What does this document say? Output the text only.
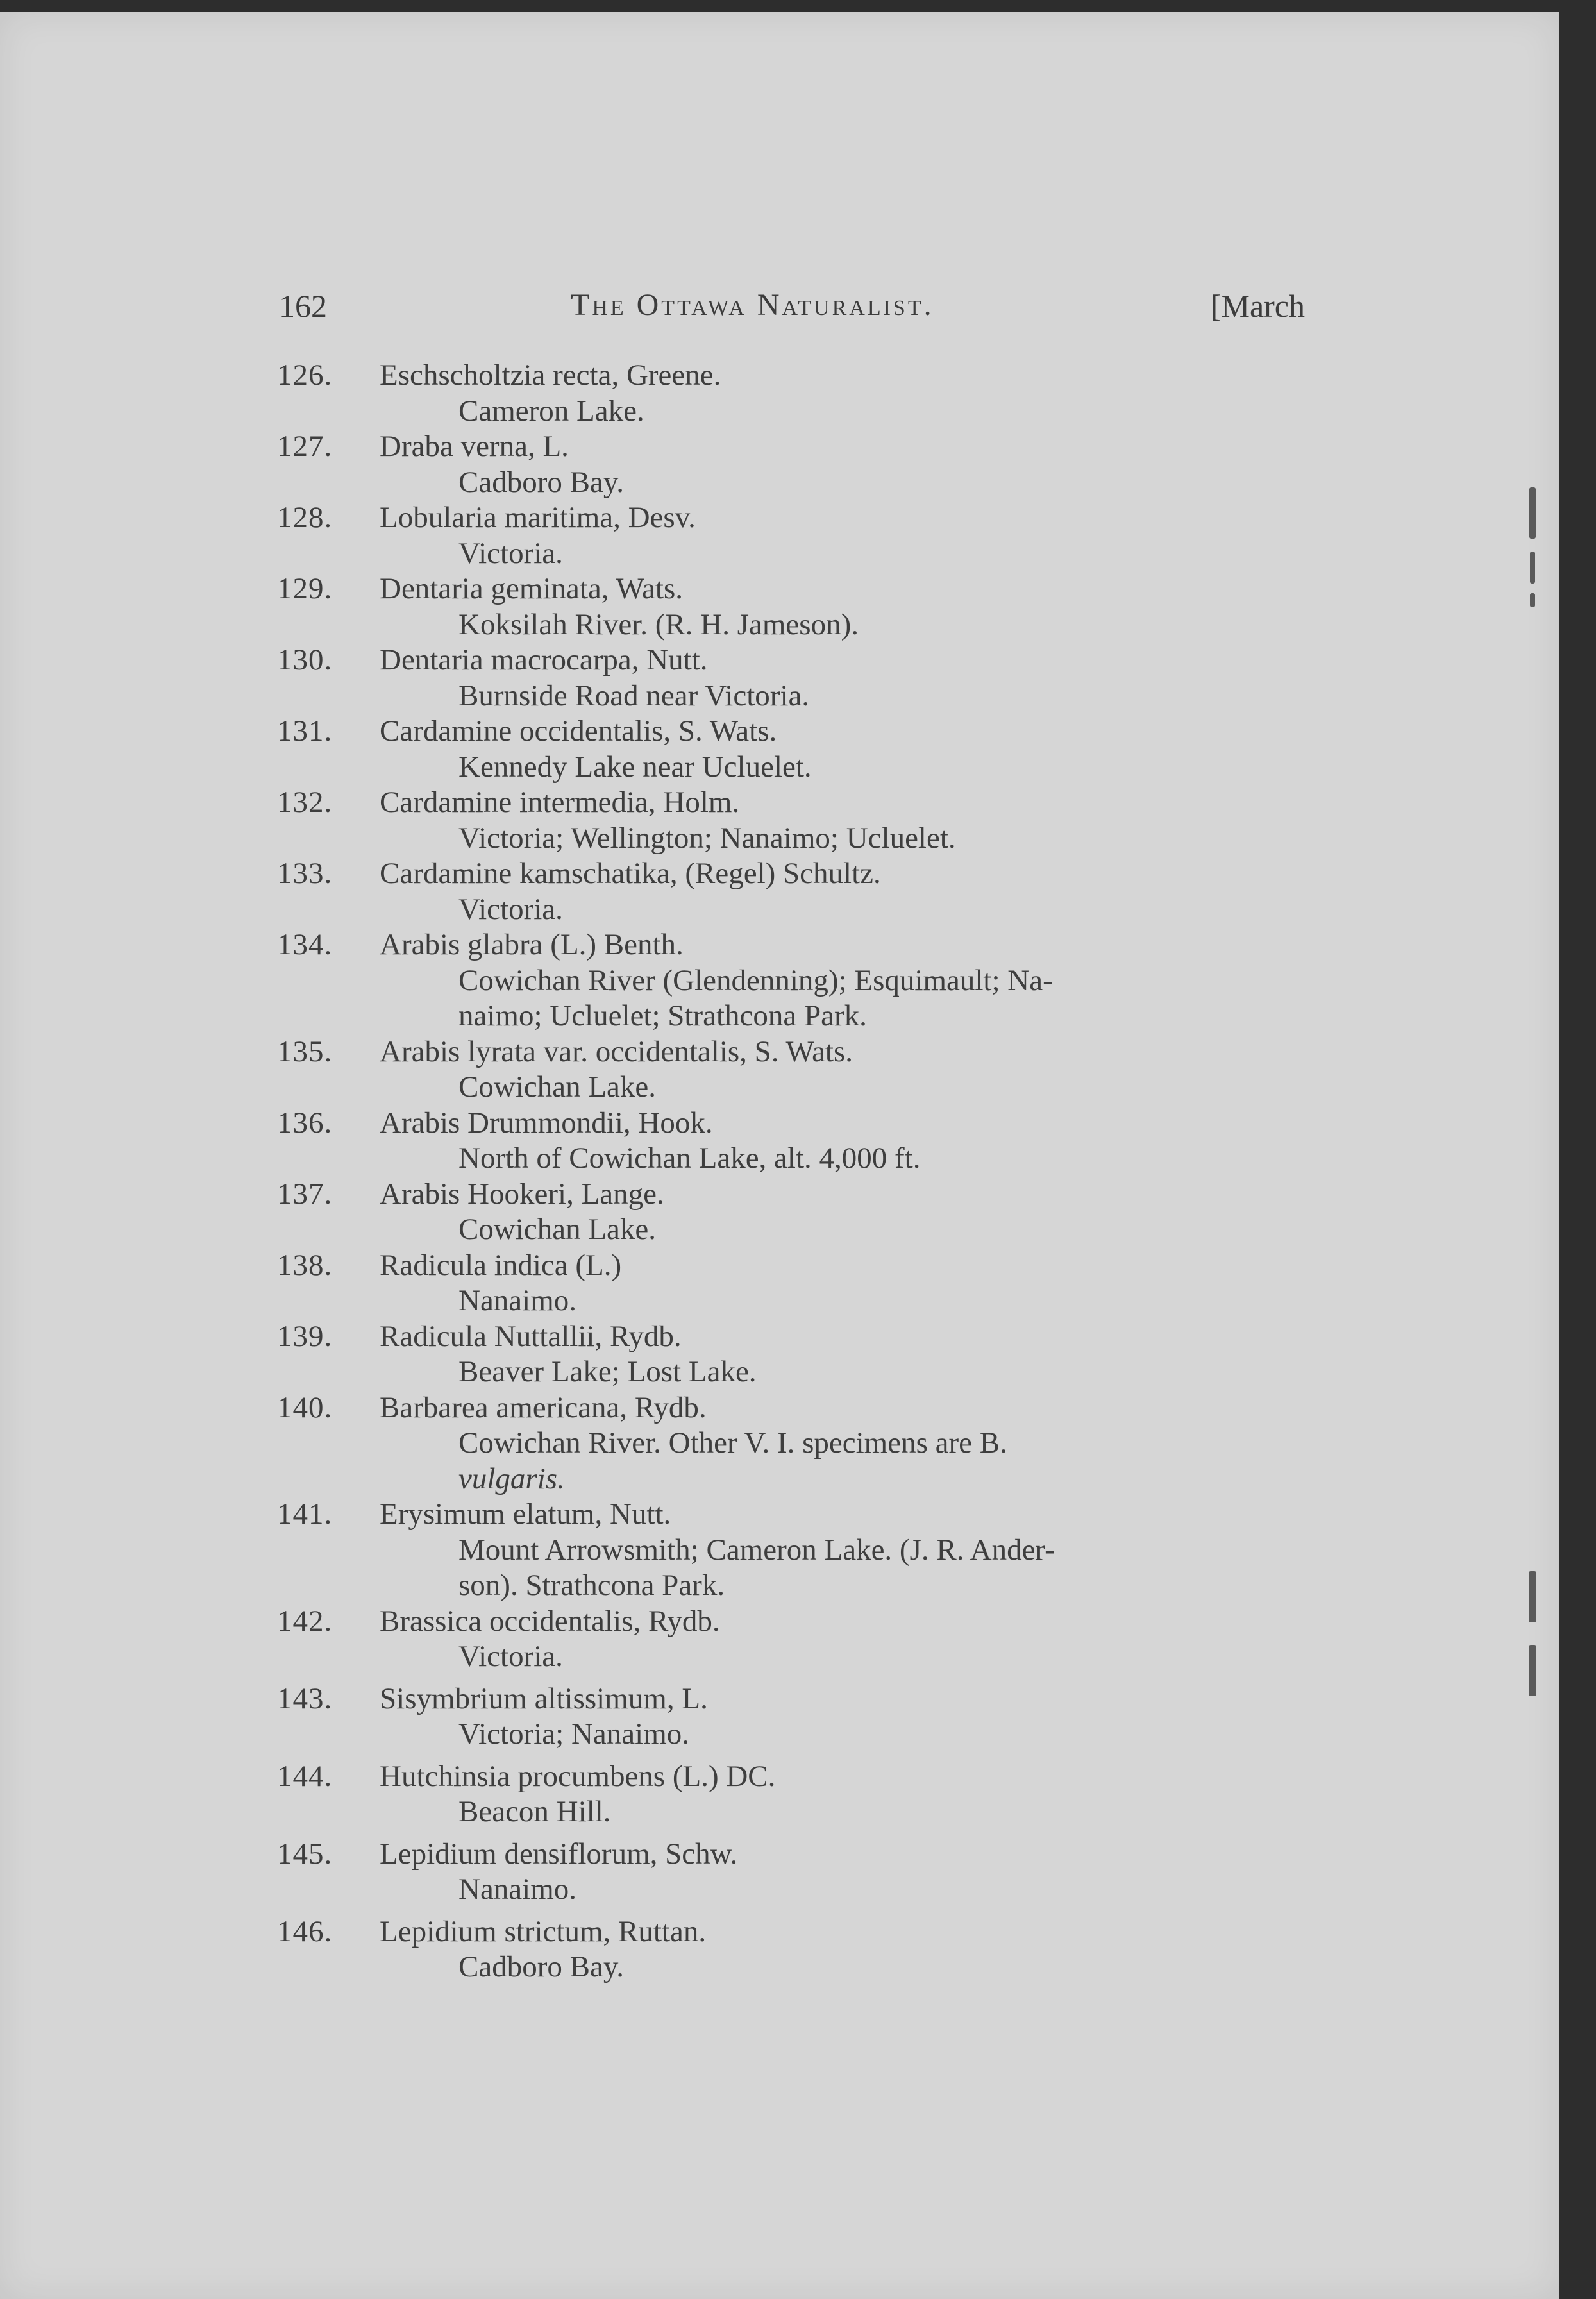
162	The Ottawa Naturalist.	[March
126.	Eschscholtzia recta, Greene.
Cameron Lake.
127.	Draba verna, L.
Cadboro Bay.
128.	Lobularia maritima, Desv.
Victoria.
129.	Dentaria geminata, Wats.
Koksilah River. (R. H. Jameson).
130.	Dentaria macrocarpa, Nutt.
Burnside Road near Victoria.
131.	Cardamine occidentalis, S. Wats.
Kennedy Lake near Ucluelet.
132.	Cardamine intermedia, Holm.
Victoria; Wellington; Nanaimo; Ucluelet.
133.	Cardamine kamschatika, (Regel) Schultz.
Victoria.
134.	Arabis glabra (L.) Benth.
Cowichan River (Glendenning); Esquimault; Na-
naimo; Ucluelet; Strathcona Park.
135.	Arabis lyrata var. occidentalis, S. Wats.
Cowichan Lake.
136.	Arabis Drummondii, Hook.
North of Cowichan Lake, alt. 4,000 ft.
137.	Arabis Hookeri, Lange.
Cowichan Lake.
138.	Radicula indica (L.)
Nanaimo.
139.	Radicula Nuttallii, Rydb.
Beaver Lake; Lost Lake.
140.	Barbarea americana, Rydb.
Cowichan River. Other V. I. specimens are B.
vulgaris.
141.	Erysimum elatum, Nutt.
Mount Arrowsmith; Cameron Lake. (J. R. Ander-
son). Strathcona Park.
142.	Brassica occidentalis, Rydb.
Victoria.
143.	Sisymbrium altissimum, L.
Victoria; Nanaimo.
144.	Hutchinsia procumbens (L.) DC.
Beacon Hill.
145.	Lepidium densiflorum, Schw.
Nanaimo.
146.	Lepidium strictum, Ruttan.
Cadboro Bay.
